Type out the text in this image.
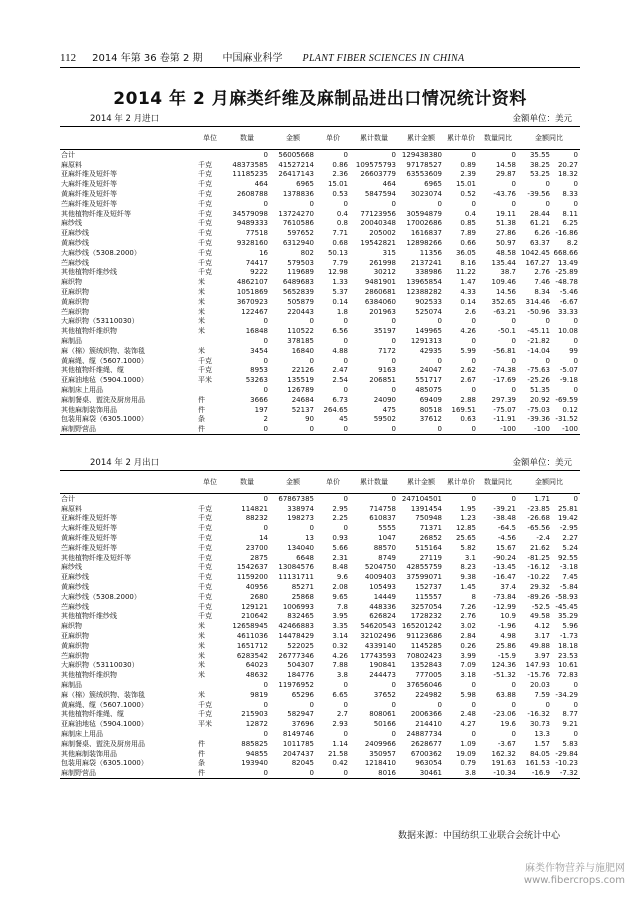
112 2014 年第 36 卷第 2 期 中国麻业科学 PLANT FIBER SCIENCES IN CHINA
2014 年 2 月麻类纤维及麻制品进出口情况统计资料
2014 年 2 月进口	金额单位：美元
	单位	数量	金额	单价	累计数量	累计金额	累计单价	数量同比	金额同比	
合计		0	56005668	0	0	129438380	0	0	35.55	0
麻原料	千克	48373585	41527214	0.86	109575793	97178527	0.89	14.58	38.25	20.27
亚麻纤维及短纤等	千克	11185235	26417143	2.36	26603779	63553609	2.39	29.87	53.25	18.32
大麻纤维及短纤等	千克	464	6965	15.01	464	6965	15.01	0	0	0
黄麻纤维及短纤等	千克	2608788	1378836	0.53	5847594	3023074	0.52	-43.76	-39.56	8.33
苎麻纤维及短纤等	千克	0	0	0	0	0	0	0	0	0
其他植物纤维及短纤等	千克	34579098	13724270	0.4	77123956	30594879	0.4	19.11	28.44	8.11
麻纱线	千克	9489333	7610586	0.8	20040348	17002686	0.85	51.38	61.21	6.25
亚麻纱线	千克	77518	597652	7.71	205002	1616837	7.89	27.86	6.26	-16.86
黄麻纱线	千克	9328160	6312940	0.68	19542821	12898266	0.66	50.97	63.37	8.2
大麻纱线（5308.2000）	千克	16	802	50.13	315	11356	36.05	48.58	1042.45	668.66
苎麻纱线	千克	74417	579503	7.79	261998	2137241	8.16	135.44	167.27	13.49
其他植物纤维纱线	千克	9222	119689	12.98	30212	338986	11.22	38.7	2.76	-25.89
麻织物	米	4862107	6489683	1.33	9481901	13965854	1.47	109.46	7.46	-48.78
亚麻织物	米	1051869	5652839	5.37	2860681	12388282	4.33	14.56	8.34	-5.46
黄麻织物	米	3670923	505879	0.14	6384060	902533	0.14	352.65	314.46	-6.67
苎麻织物	米	122467	220443	1.8	201963	525074	2.6	-63.21	-50.96	33.33
大麻织物（53110030）	米	0	0	0	0	0	0	0	0	0
其他植物纤维织物	米	16848	110522	6.56	35197	149965	4.26	-50.1	-45.11	10.08
麻制品		0	378185	0	0	1291313	0	0	-21.82	0
麻（棉）簇绒织物、装饰毯	米	3454	16840	4.88	7172	42935	5.99	-56.81	-14.04	99
黄麻绳、缆（5607.1000）	千克	0	0	0	0	0	0	0	0	0
其他植物纤维绳、缆	千克	8953	22126	2.47	9163	24047	2.62	-74.38	-75.63	-5.07
亚麻油地毡（5904.1000）	平米	53263	135519	2.54	206851	551717	2.67	-17.69	-25.26	-9.18
麻制床上用品		0	126789	0	0	485075	0	0	51.35	0
麻制餐桌、盥洗及厨房用品	件	3666	24684	6.73	24090	69409	2.88	297.39	20.92	-69.59
其他麻制装饰用品	件	197	52137	264.65	475	80518	169.51	-75.07	-75.03	0.12
包装用麻袋（6305.1000）	条	2	90	45	59502	37612	0.63	-11.91	-39.36	-31.52
麻制野营品	件	0	0	0	0	0	0	-100	-100	-100
2014 年 2 月出口	金额单位：美元
	单位	数量	金额	单价	累计数量	累计金额	累计单价	数量同比	金额同比	
合计		0	67867385	0	0	247104501	0	0	1.71	0
麻原料	千克	114821	338974	2.95	714758	1391454	1.95	-39.21	-23.85	25.81
亚麻纤维及短纤等	千克	88232	198273	2.25	610837	750948	1.23	-38.48	-26.68	19.42
大麻纤维及短纤等	千克	0	0	0	5555	71371	12.85	-64.5	-65.56	-2.95
黄麻纤维及短纤等	千克	14	13	0.93	1047	26852	25.65	-4.56	-2.4	2.27
苎麻纤维及短纤等	千克	23700	134040	5.66	88570	515164	5.82	15.67	21.62	5.24
其他植物纤维及短纤等	千克	2875	6648	2.31	8749	27119	3.1	-90.24	-81.25	92.55
麻纱线	千克	1542637	13084576	8.48	5204750	42855759	8.23	-13.45	-16.12	-3.18
亚麻纱线	千克	1159200	11131711	9.6	4009403	37599071	9.38	-16.47	-10.22	7.45
黄麻纱线	千克	40956	85271	2.08	105493	152737	1.45	37.4	29.32	-5.84
大麻纱线（5308.2000）	千克	2680	25868	9.65	14449	115557	8	-73.84	-89.26	-58.93
苎麻纱线	千克	129121	1006993	7.8	448336	3257054	7.26	-12.99	-52.5	-45.45
其他植物纤维纱线	千克	210642	832465	3.95	626824	1728232	2.76	10.9	49.58	35.29
麻织物	米	12658945	42466883	3.35	54620543	165201242	3.02	-1.96	4.12	5.96
亚麻织物	米	4611036	14478429	3.14	32102496	91123686	2.84	4.98	3.17	-1.73
黄麻织物	米	1651712	522025	0.32	4339140	1145285	0.26	25.86	49.88	18.18
苎麻织物	米	6283542	26777346	4.26	17743593	70802423	3.99	-15.9	3.97	23.53
大麻织物（53110030）	米	64023	504307	7.88	190841	1352843	7.09	124.36	147.93	10.61
其他植物纤维织物	米	48632	184776	3.8	244473	777005	3.18	-51.32	-15.76	72.83
麻制品		0	11976952	0	0	37656046	0	0	20.03	0
麻（棉）簇绒织物、装饰毯	米	9819	65296	6.65	37652	224982	5.98	63.88	7.59	-34.29
黄麻绳、缆（5607.1000）	千克	0	0	0	0	0	0	0	0	0
其他植物纤维绳、缆	千克	215903	582947	2.7	808061	2006366	2.48	-23.06	-16.32	8.77
亚麻油地毡（5904.1000）	平米	12872	37696	2.93	50166	214410	4.27	19.6	30.73	9.21
麻制床上用品		0	8149746	0	0	24887734	0	0	13.3	0
麻制餐桌、盥洗及厨房用品	件	885825	1011785	1.14	2409966	2628677	1.09	-3.67	1.57	5.83
其他麻制装饰用品	件	94855	2047437	21.58	350957	6700362	19.09	162.32	84.05	-29.84
包装用麻袋（6305.1000）	条	193940	82045	0.42	1218410	963054	0.79	191.63	161.53	-10.23
麻制野营品	件	0	0	0	8016	30461	3.8	-10.34	-16.9	-7.32
数据来源：中国纺织工业联合会统计中心
麻类作物营养与施肥网
www.fibercrops.com
